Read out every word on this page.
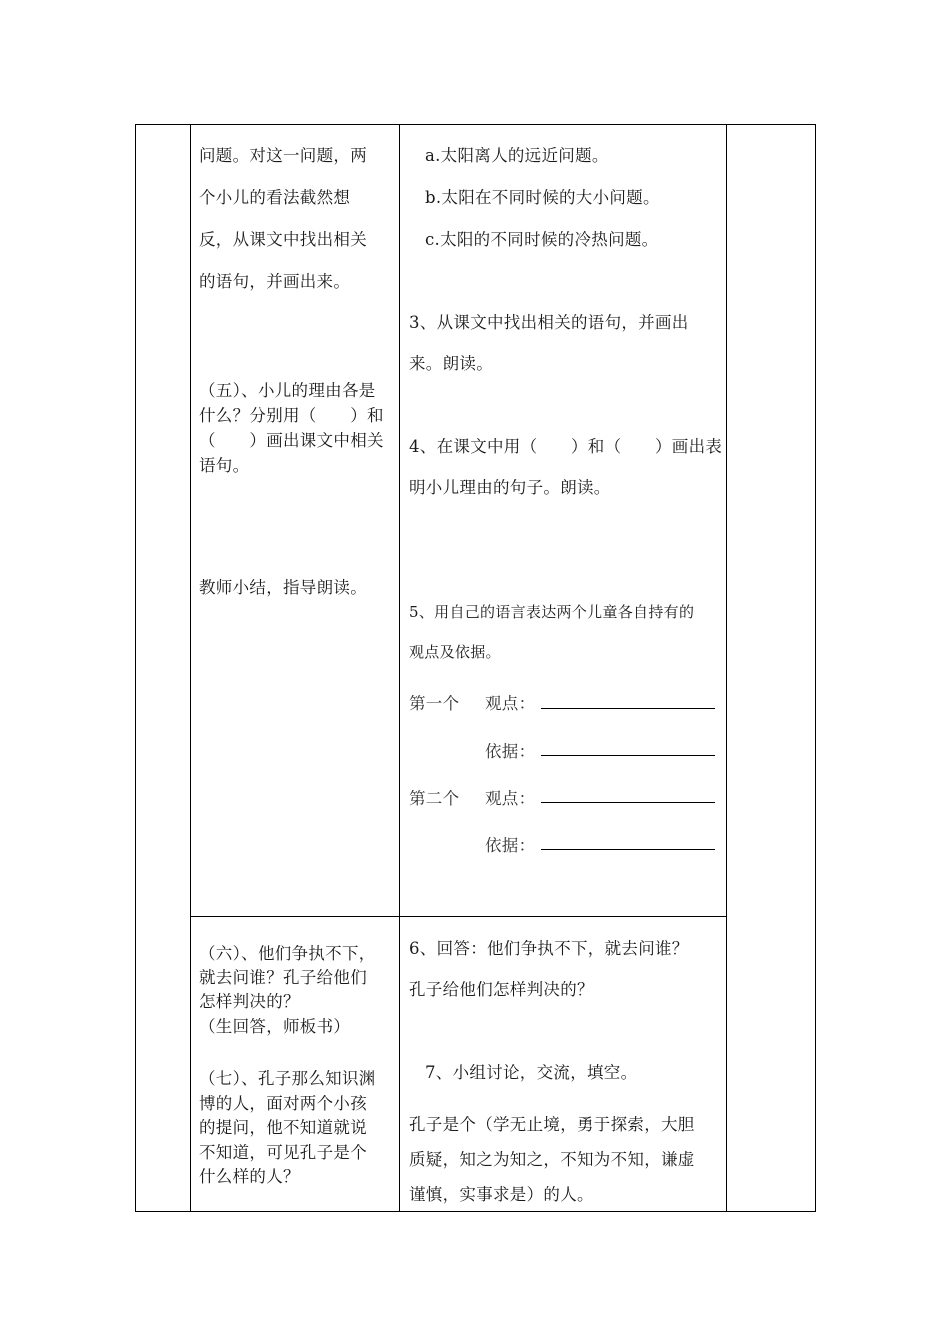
问题。对这一问题，两
个小儿的看法截然想
反，从课文中找出相关
的语句，并画出来。
（五）、小儿的理由各是
什么？分别用（　　）和
（　　）画出课文中相关
语句。
教师小结，指导朗读。
（六）、他们争执不下，
就去问谁？孔子给他们
怎样判决的？
（生回答，师板书）
（七）、孔子那么知识渊
博的人，面对两个小孩
的提问，他不知道就说
不知道，可见孔子是个
什么样的人？
a.太阳离人的远近问题。
b.太阳在不同时候的大小问题。
c.太阳的不同时候的冷热问题。
3、从课文中找出相关的语句，并画出
来。朗读。
4、在课文中用（　　）和（　　）画出表
明小儿理由的句子。朗读。
5、用自己的语言表达两个儿童各自持有的
观点及依据。
第一个 观点：
依据：
第二个 观点：
依据：
6、回答：他们争执不下，就去问谁？
孔子给他们怎样判决的？
7、小组讨论，交流，填空。
孔子是个（学无止境，勇于探索，大胆
质疑，知之为知之，不知为不知，谦虚
谨慎，实事求是）的人。
